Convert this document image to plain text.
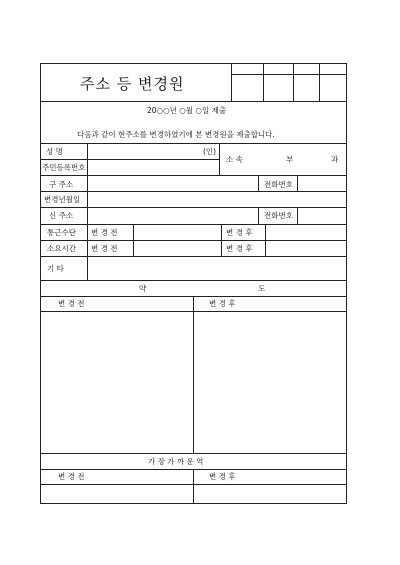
주소 등 변경원
20○○년 ○월 ○일 제출
다음과 같이 현주소를 변경하였기에 본 변경원을 제출합니다.
성 명	(인)
소 속	부	과
주민등록번호
구 주소	전화번호
변경년월일
신 주소	전화번호
통근수단 변 경 전	변 경 후
소요시간 변 경 전	변 경 후
기 타
약	도
변 경 전	변 경 후
가 장 가 까 운 역
변 경 전	변 경 후
